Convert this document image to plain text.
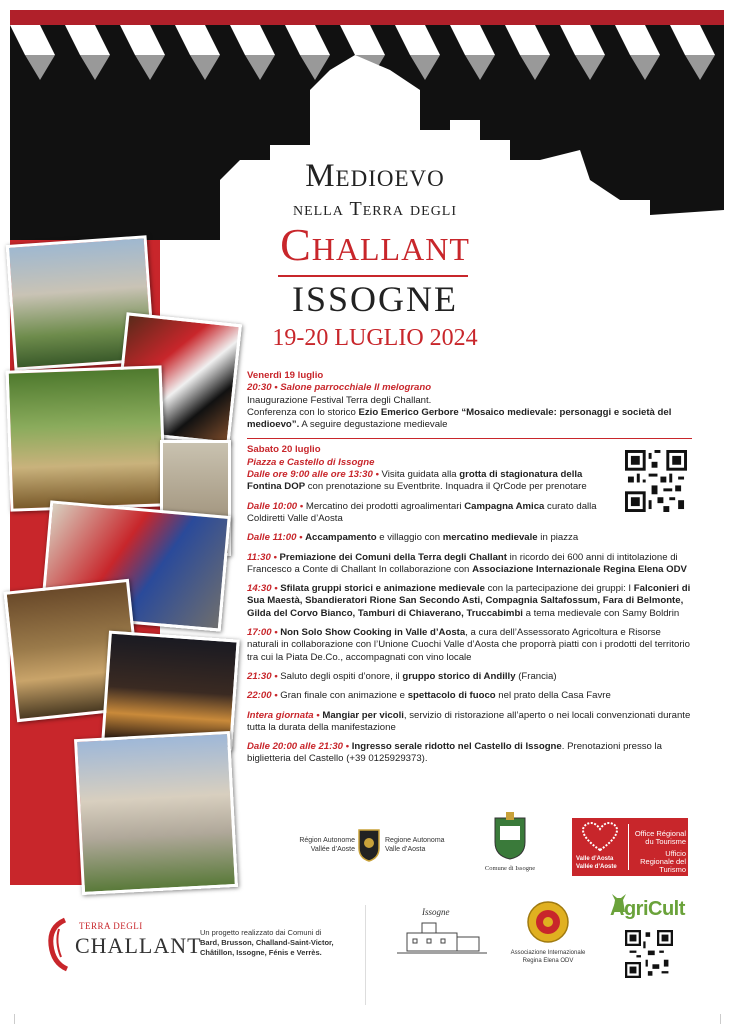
Medioevo
nella Terra degli
Challant
ISSOGNE
19-20 LUGLIO 2024

Venerdì 19 luglio
20:30 • Salone parrocchiale Il melograno
Inaugurazione Festival Terra degli Challant.
Conferenza con lo storico Ezio Emerico Gerbore “Mosaico medievale: personaggi e società del medioevo”. A seguire degustazione medievale

Sabato 20 luglio
Piazza e Castello di Issogne

Dalle ore 9:00 alle ore 13:30 • Visita guidata alla grotta di stagionatura della Fontina DOP con prenotazione su Eventbrite. Inquadra il QrCode per prenotare

Dalle 10:00 • Mercatino dei prodotti agroalimentari Campagna Amica curato dalla Coldiretti Valle d’Aosta

Dalle 11:00 • Accampamento e villaggio con mercatino medievale in piazza

11:30 • Premiazione dei Comuni della Terra degli Challant in ricordo dei 600 anni di intitolazione di Francesco a Conte di Challant In collaborazione con Associazione Internazionale Regina Elena ODV

14:30 • Sfilata gruppi storici e animazione medievale con la partecipazione dei gruppi: I Falconieri di Sua Maestà, Sbandieratori Rione San Secondo Asti, Compagnia Saltafossum, Fara di Belmonte, Gilda del Corvo Bianco, Tamburi di Chiaverano, Truccabimbi a tema medievale con Samy Boldrin

17:00 • Non Solo Show Cooking in Valle d’Aosta, a cura dell’Assessorato Agricoltura e Risorse naturali in collaborazione con l’Unione Cuochi Valle d’Aosta che proporrà piatti con i prodotti del territorio tra cui la Piata De.Co., accompagnati con vino locale

21:30 • Saluto degli ospiti d’onore, il gruppo storico di Andilly (Francia)

22:00 • Gran finale con animazione e spettacolo di fuoco nel prato della Casa Favre

Intera giornata • Mangiar per vicoli, servizio di ristorazione all’aperto o nei locali convenzionati durante tutta la durata della manifestazione

Dalle 20:00 alle 21:30 • Ingresso serale ridotto nel Castello di Issogne. Prenotazioni presso la biglietteria del Castello (+39 0125929373).

Région Autonome Vallée d’Aoste
Regione Autonoma Valle d’Aosta
Comune di Issogne
Valle d’Aosta
Vallée d’Aoste
Office Régional du Tourisme
Ufficio Regionale del Turismo
TERRA DEGLI
CHALLANT
Un progetto realizzato dai Comuni di
Bard, Brusson, Challand-Saint-Victor,
Châtillon, Issogne, Fénis e Verrès.
Issogne
Associazione Internazionale Regina Elena ODV
AgriCult
